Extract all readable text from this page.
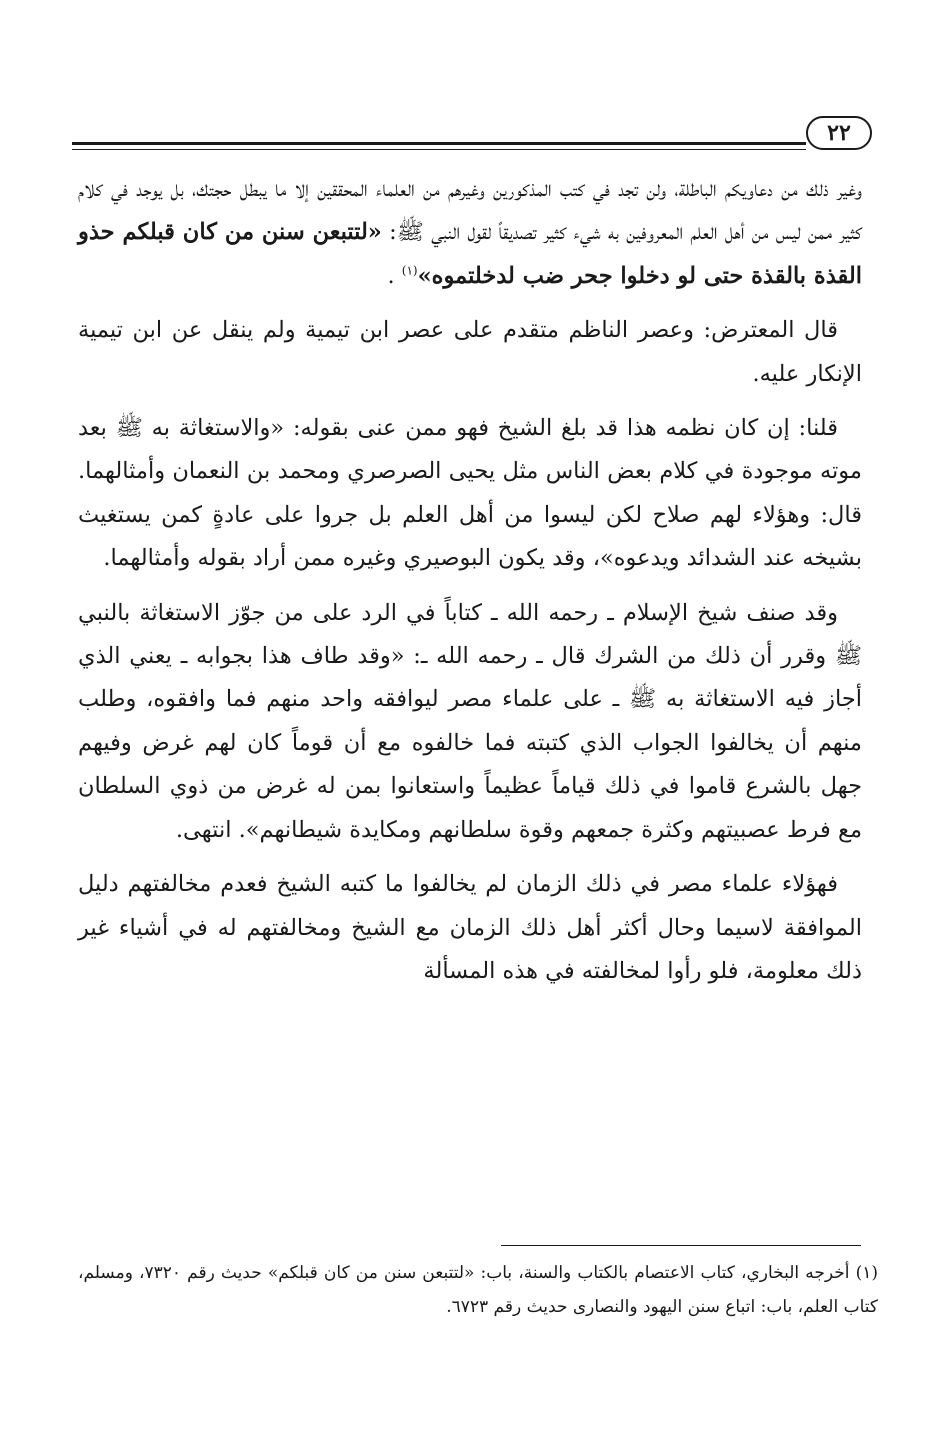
٢٢

وغير ذلك من دعاويكم الباطلة، ولن تجد في كتب المذكورين وغيرهم من العلماء المحققين إلا ما يبطل حجتك، بل يوجد في كلام كثير ممن ليس من أهل العلم المعروفين به شيء كثير تصديقاً لقول النبي ﷺ: «لتتبعن سنن من كان قبلكم حذو القذة بالقذة حتى لو دخلوا جحر ضب لدخلتموه»$^{(١)}$ .

قال المعترض: وعصر الناظم متقدم على عصر ابن تيمية ولم ينقل عن ابن تيمية الإنكار عليه.

قلنا: إن كان نظمه هذا قد بلغ الشيخ فهو ممن عنى بقوله: «والاستغاثة به ﷺ بعد موته موجودة في كلام بعض الناس مثل يحيى الصرصري ومحمد بن النعمان وأمثالهما. قال: وهؤلاء لهم صلاح لكن ليسوا من أهل العلم بل جروا على عادةٍ كمن يستغيث بشيخه عند الشدائد ويدعوه»، وقد يكون البوصيري وغيره ممن أراد بقوله وأمثالهما.

وقد صنف شيخ الإسلام ـ رحمه الله ـ كتاباً في الرد على من جوّز الاستغاثة بالنبي ﷺ وقرر أن ذلك من الشرك قال ـ رحمه الله ـ: «وقد طاف هذا بجوابه ـ يعني الذي أجاز فيه الاستغاثة به ﷺ ـ على علماء مصر ليوافقه واحد منهم فما وافقوه، وطلب منهم أن يخالفوا الجواب الذي كتبته فما خالفوه مع أن قوماً كان لهم غرض وفيهم جهل بالشرع قاموا في ذلك قياماً عظيماً واستعانوا بمن له غرض من ذوي السلطان مع فرط عصبيتهم وكثرة جمعهم وقوة سلطانهم ومكايدة شيطانهم». انتهى.

فهؤلاء علماء مصر في ذلك الزمان لم يخالفوا ما كتبه الشيخ فعدم مخالفتهم دليل الموافقة لاسيما وحال أكثر أهل ذلك الزمان مع الشيخ ومخالفتهم له في أشياء غير ذلك معلومة، فلو رأوا لمخالفته في هذه المسألة

(١) أخرجه البخاري، كتاب الاعتصام بالكتاب والسنة، باب: «لتتبعن سنن من كان قبلكم» حديث رقم ٧٣٢٠، ومسلم، كتاب العلم، باب: اتباع سنن اليهود والنصارى حديث رقم ٦٧٢٣.
